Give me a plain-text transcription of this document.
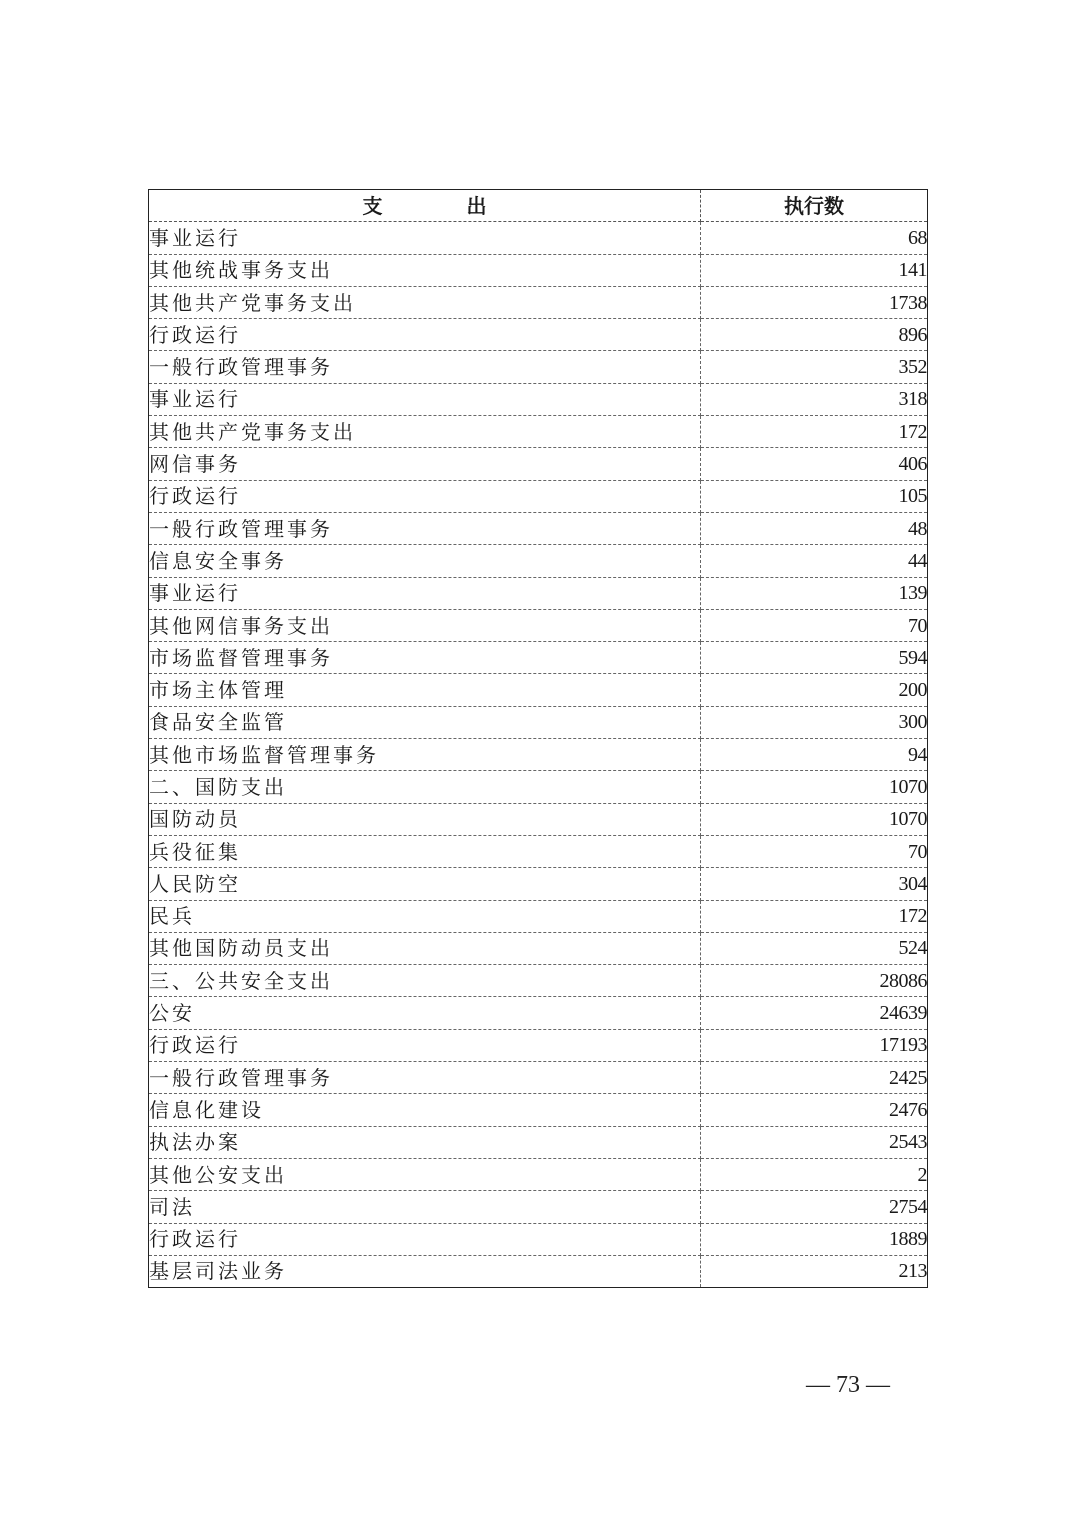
支出	执行数
事业运行	68
其他统战事务支出	141
其他共产党事务支出	1738
行政运行	896
一般行政管理事务	352
事业运行	318
其他共产党事务支出	172
网信事务	406
行政运行	105
一般行政管理事务	48
信息安全事务	44
事业运行	139
其他网信事务支出	70
市场监督管理事务	594
市场主体管理	200
食品安全监管	300
其他市场监督管理事务	94
二、国防支出	1070
国防动员	1070
兵役征集	70
人民防空	304
民兵	172
其他国防动员支出	524
三、公共安全支出	28086
公安	24639
行政运行	17193
一般行政管理事务	2425
信息化建设	2476
执法办案	2543
其他公安支出	2
司法	2754
行政运行	1889
基层司法业务	213
— 73 —
